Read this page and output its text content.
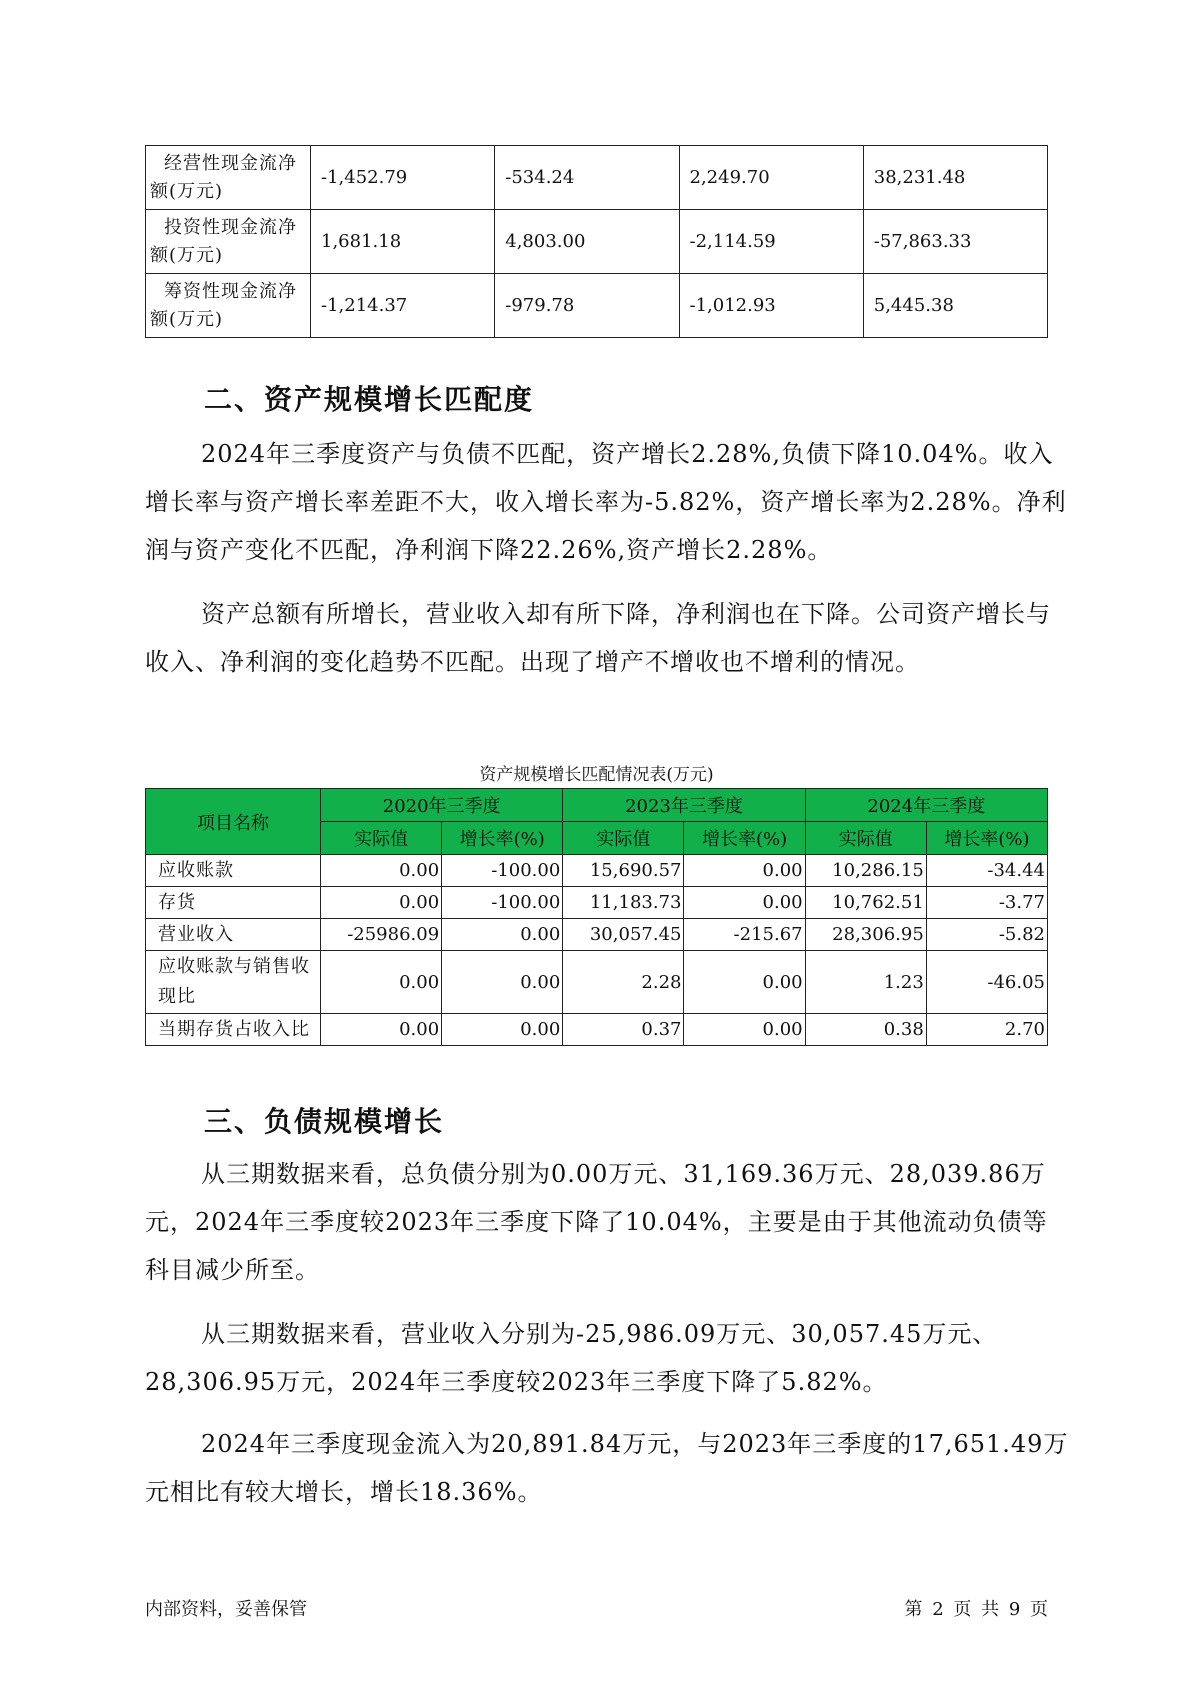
经营性现金流净额(万元)	-1,452.79	-534.24	2,249.70	38,231.48
投资性现金流净额(万元)	1,681.18	4,803.00	-2,114.59	-57,863.33
筹资性现金流净额(万元)	-1,214.37	-979.78	-1,012.93	5,445.38
二、资产规模增长匹配度

2024年三季度资产与负债不匹配，资产增长2.28%,负债下降10.04%。收入增长率与资产增长率差距不大，收入增长率为-5.82%，资产增长率为2.28%。净利润与资产变化不匹配，净利润下降22.26%,资产增长2.28%。

资产总额有所增长，营业收入却有所下降，净利润也在下降。公司资产增长与收入、净利润的变化趋势不匹配。出现了增产不增收也不增利的情况。

资产规模增长匹配情况表(万元)
项目名称	2020年三季度		2023年三季度		2024年三季度	
	实际值	增长率(%)	实际值	增长率(%)	实际值	增长率(%)
应收账款	0.00	-100.00	15,690.57	0.00	10,286.15	-34.44
存货	0.00	-100.00	11,183.73	0.00	10,762.51	-3.77
营业收入	-25986.09	0.00	30,057.45	-215.67	28,306.95	-5.82
应收账款与销售收现比	0.00	0.00	2.28	0.00	1.23	-46.05
当期存货占收入比	0.00	0.00	0.37	0.00	0.38	2.70
三、负债规模增长

从三期数据来看，总负债分别为0.00万元、31,169.36万元、28,039.86万元，2024年三季度较2023年三季度下降了10.04%，主要是由于其他流动负债等科目减少所至。

从三期数据来看，营业收入分别为-25,986.09万元、30,057.45万元、28,306.95万元，2024年三季度较2023年三季度下降了5.82%。

2024年三季度现金流入为20,891.84万元，与2023年三季度的17,651.49万元相比有较大增长，增长18.36%。

内部资料，妥善保管	第 2 页 共 9 页
